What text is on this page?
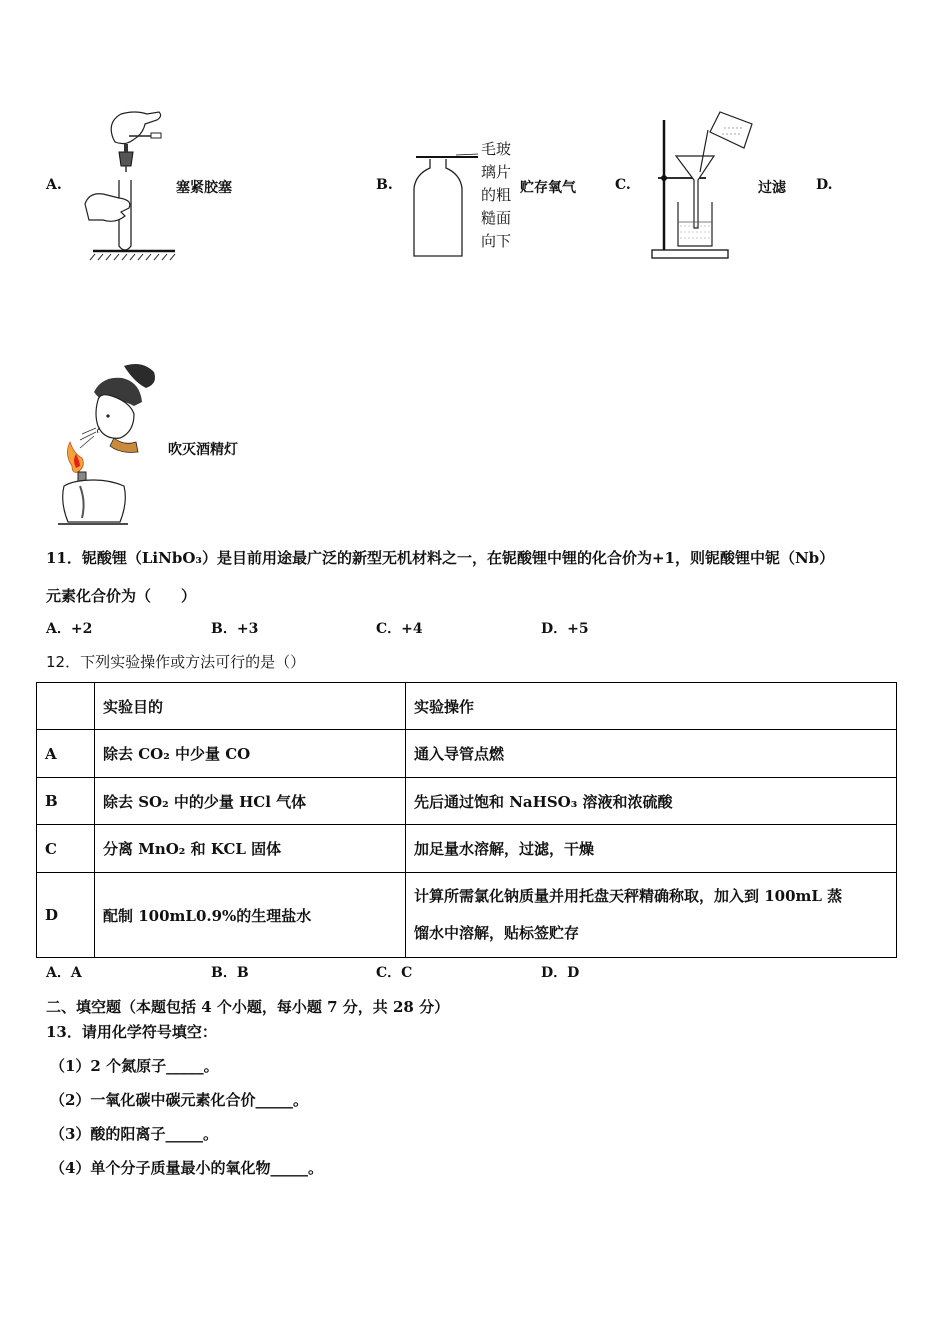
A.	塞紧胶塞	B.
毛玻
璃片
的粗
糙面
向下
贮存氧气	C.	过滤 D.
吹灭酒精灯
11．铌酸锂（LiNbO₃）是目前用途最广泛的新型无机材料之一，在铌酸锂中锂的化合价为+1，则铌酸锂中铌（Nb）
元素化合价为（　　）
A．+2	B．+3	C．+4	D．+5
12．下列实验操作或方法可行的是（）
	实验目的	实验操作
A	除去 CO₂ 中少量 CO	通入导管点燃
B	除去 SO₂ 中的少量 HCl 气体	先后通过饱和 NaHSO₃ 溶液和浓硫酸
C	分离 MnO₂ 和 KCL 固体	加足量水溶解，过滤，干燥
D	配制 100mL0.9%的生理盐水	计算所需氯化钠质量并用托盘天秤精确称取，加入到 100mL 蒸
馏水中溶解，贴标签贮存
A．A	B．B	C．C	D．D
二、填空题（本题包括 4 个小题，每小题 7 分，共 28 分）
13．请用化学符号填空：
（1）2 个氮原子_____。
（2）一氧化碳中碳元素化合价_____。
（3）酸的阳离子_____。
（4）单个分子质量最小的氧化物_____。
